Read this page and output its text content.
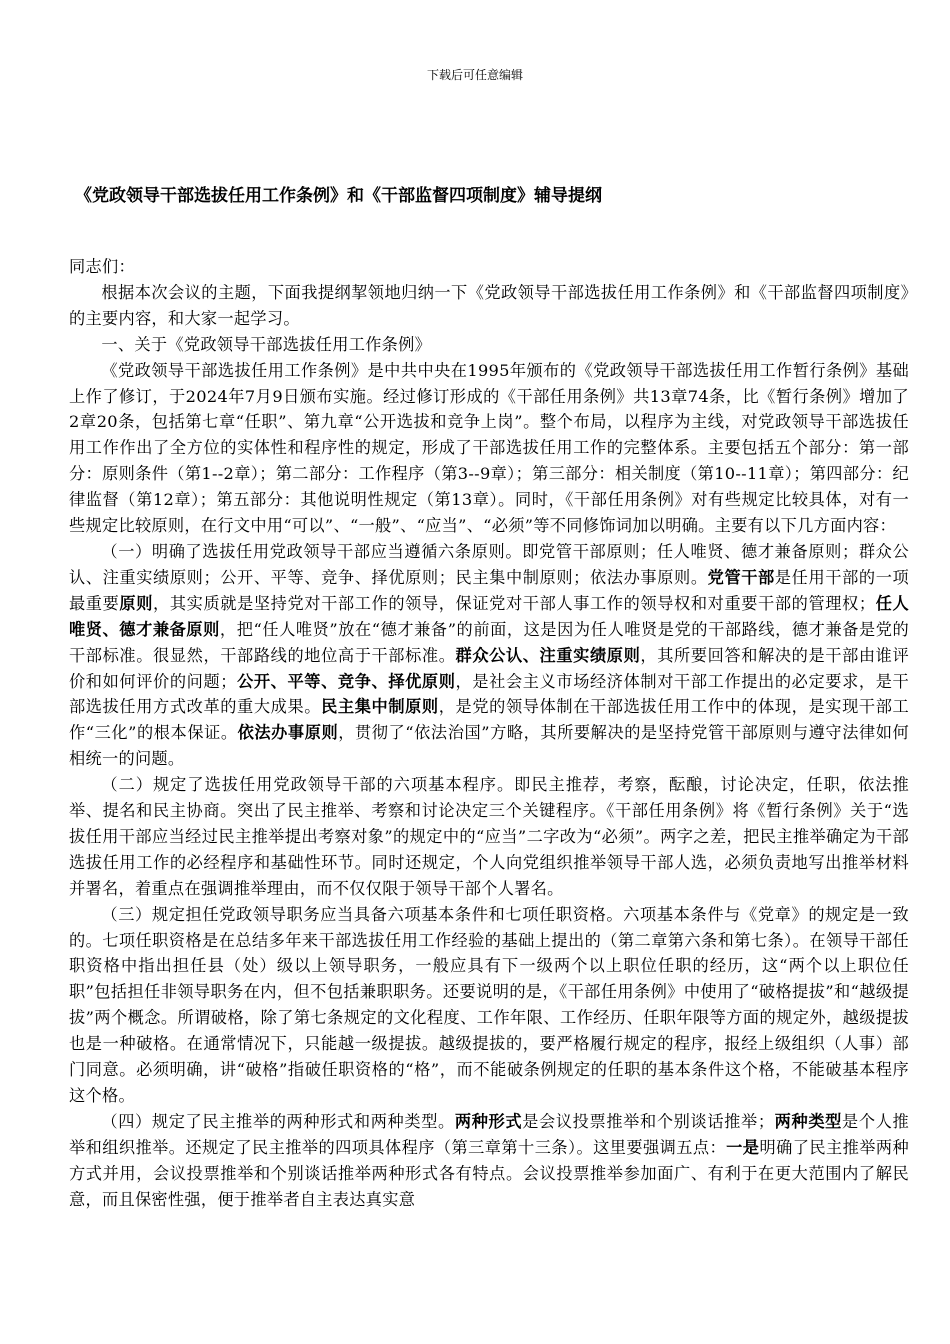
下载后可任意编辑
《党政领导干部选拔任用工作条例》和《干部监督四项制度》辅导提纲

同志们：

根据本次会议的主题，下面我提纲挈领地归纳一下《党政领导干部选拔任用工作条例》和《干部监督四项制度》的主要内容，和大家一起学习。

一、关于《党政领导干部选拔任用工作条例》

《党政领导干部选拔任用工作条例》是中共中央在1995年颁布的《党政领导干部选拔任用工作暂行条例》基础上作了修订，于2024年7月9日颁布实施。经过修订形成的《干部任用条例》共13章74条，比《暂行条例》增加了2章20条，包括第七章“任职”、第九章“公开选拔和竞争上岗”。整个布局，以程序为主线，对党政领导干部选拔任用工作作出了全方位的实体性和程序性的规定，形成了干部选拔任用工作的完整体系。主要包括五个部分：第一部分：原则条件（第1--2章）；第二部分：工作程序（第3--9章）；第三部分：相关制度（第10--11章）；第四部分：纪律监督（第12章）；第五部分：其他说明性规定（第13章）。同时，《干部任用条例》对有些规定比较具体，对有一些规定比较原则，在行文中用“可以”、“一般”、“应当”、“必须”等不同修饰词加以明确。主要有以下几方面内容：

（一）明确了选拔任用党政领导干部应当遵循六条原则。即党管干部原则；任人唯贤、德才兼备原则；群众公认、注重实绩原则；公开、平等、竞争、择优原则；民主集中制原则；依法办事原则。党管干部是任用干部的一项最重要原则，其实质就是坚持党对干部工作的领导，保证党对干部人事工作的领导权和对重要干部的管理权；任人唯贤、德才兼备原则，把“任人唯贤”放在“德才兼备”的前面，这是因为任人唯贤是党的干部路线，德才兼备是党的干部标准。很显然，干部路线的地位高于干部标准。群众公认、注重实绩原则，其所要回答和解决的是干部由谁评价和如何评价的问题；公开、平等、竞争、择优原则，是社会主义市场经济体制对干部工作提出的必定要求，是干部选拔任用方式改革的重大成果。民主集中制原则，是党的领导体制在干部选拔任用工作中的体现，是实现干部工作“三化”的根本保证。依法办事原则，贯彻了“依法治国”方略，其所要解决的是坚持党管干部原则与遵守法律如何相统一的问题。

（二）规定了选拔任用党政领导干部的六项基本程序。即民主推荐，考察，酝酿，讨论决定，任职，依法推举、提名和民主协商。突出了民主推举、考察和讨论决定三个关键程序。《干部任用条例》将《暂行条例》关于“选拔任用干部应当经过民主推举提出考察对象”的规定中的“应当”二字改为“必须”。两字之差，把民主推举确定为干部选拔任用工作的必经程序和基础性环节。同时还规定，个人向党组织推举领导干部人选，必须负责地写出推举材料并署名，着重点在强调推举理由，而不仅仅限于领导干部个人署名。

（三）规定担任党政领导职务应当具备六项基本条件和七项任职资格。六项基本条件与《党章》的规定是一致的。七项任职资格是在总结多年来干部选拔任用工作经验的基础上提出的（第二章第六条和第七条）。在领导干部任职资格中指出担任县（处）级以上领导职务，一般应具有下一级两个以上职位任职的经历，这“两个以上职位任职”包括担任非领导职务在内，但不包括兼职职务。还要说明的是，《干部任用条例》中使用了“破格提拔”和“越级提拔”两个概念。所谓破格，除了第七条规定的文化程度、工作年限、工作经历、任职年限等方面的规定外，越级提拔也是一种破格。在通常情况下，只能越一级提拔。越级提拔的，要严格履行规定的程序，报经上级组织（人事）部门同意。必须明确，讲“破格”指破任职资格的“格”，而不能破条例规定的任职的基本条件这个格，不能破基本程序这个格。

（四）规定了民主推举的两种形式和两种类型。两种形式是会议投票推举和个别谈话推举；两种类型是个人推举和组织推举。还规定了民主推举的四项具体程序（第三章第十三条）。这里要强调五点：一是明确了民主推举两种方式并用，会议投票推举和个别谈话推举两种形式各有特点。会议投票推举参加面广、有利于在更大范围内了解民意，而且保密性强，便于推举者自主表达真实意
